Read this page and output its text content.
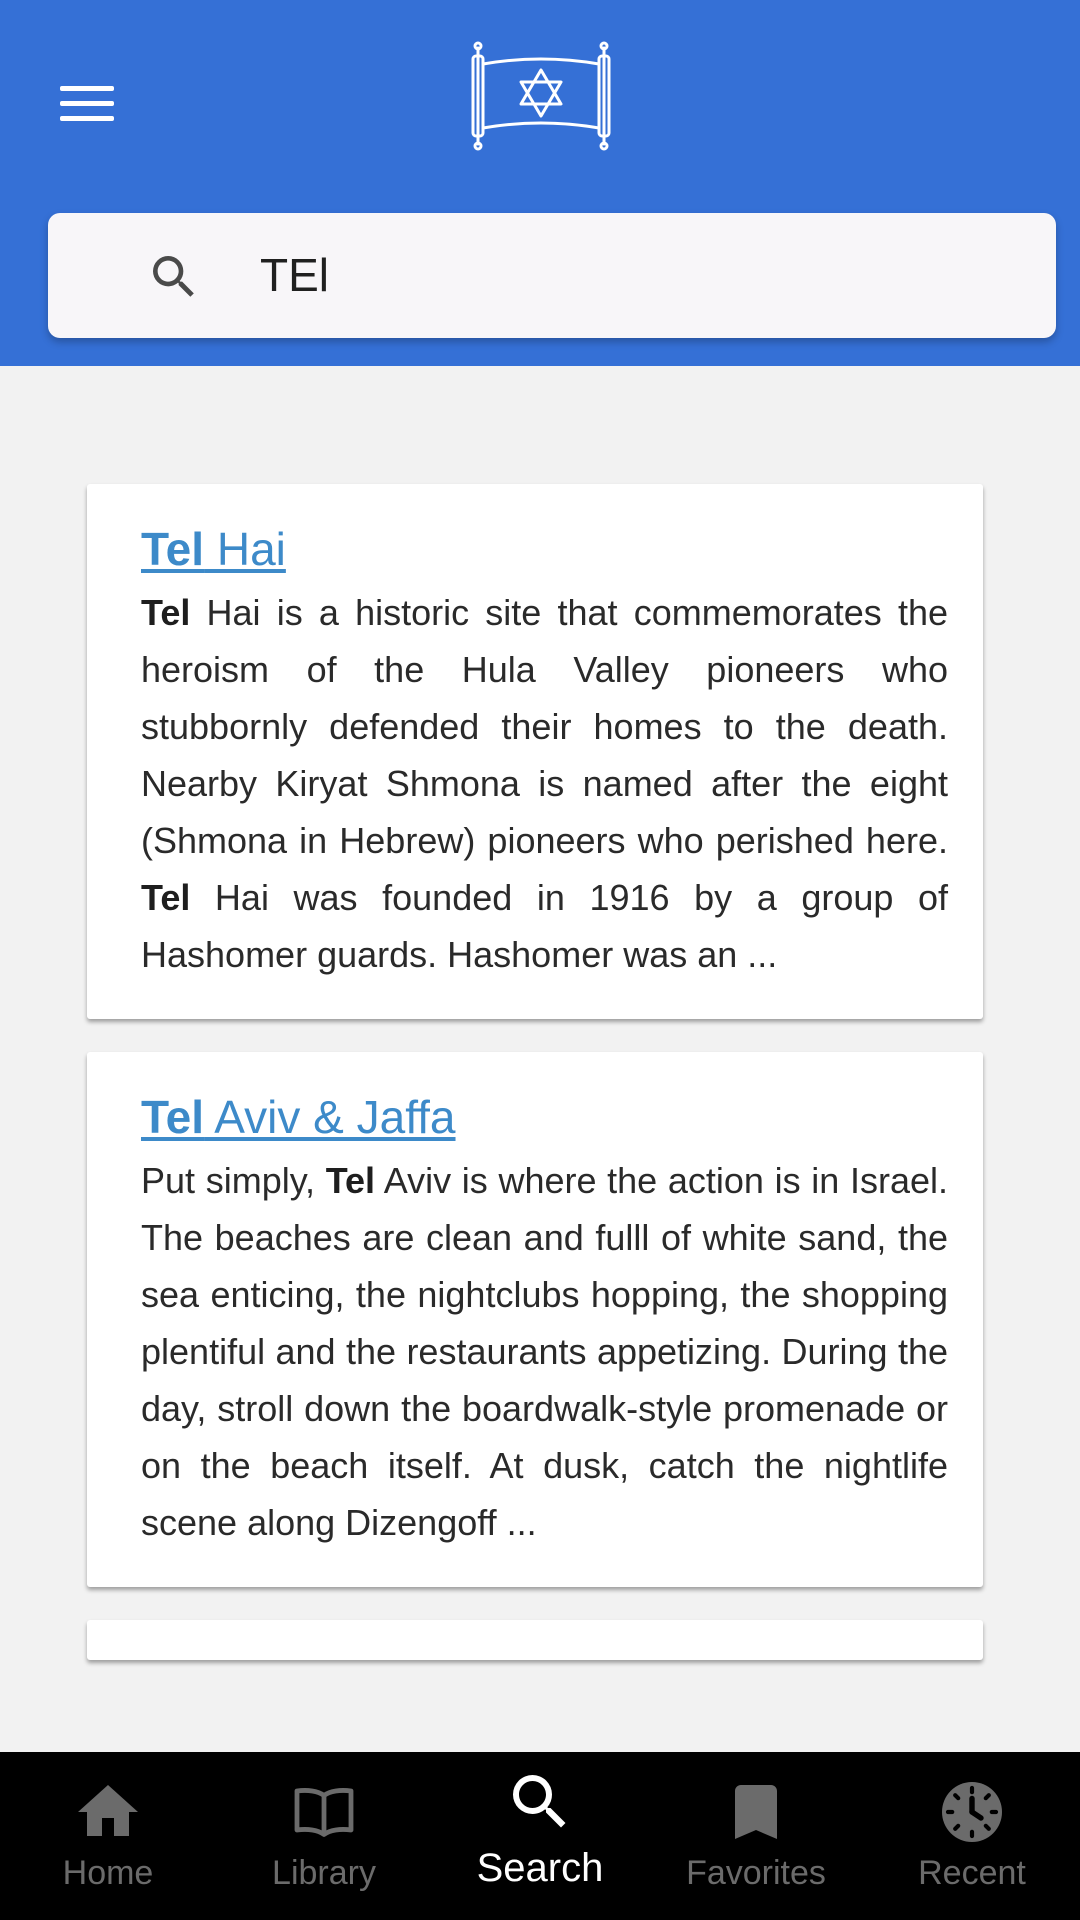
TEl
Tel Hai

Tel Hai is a historic site that commemorates the heroism of the Hula Valley pioneers who stubbornly defended their homes to the death. Nearby Kiryat Shmona is named after the eight (Shmona in Hebrew) pioneers who perished here. Tel Hai was founded in 1916 by a group of Hashomer guards. Hashomer was an ...

Tel Aviv & Jaffa

Put simply, Tel Aviv is where the action is in Israel. The beaches are clean and fulll of white sand, the sea enticing, the nightclubs hopping, the shopping plentiful and the restaurants appetizing. During the day, stroll down the boardwalk-style promenade or on the beach itself. At dusk, catch the nightlife scene along Dizengoff ...

Home	Library	Search Favorites	Recent
